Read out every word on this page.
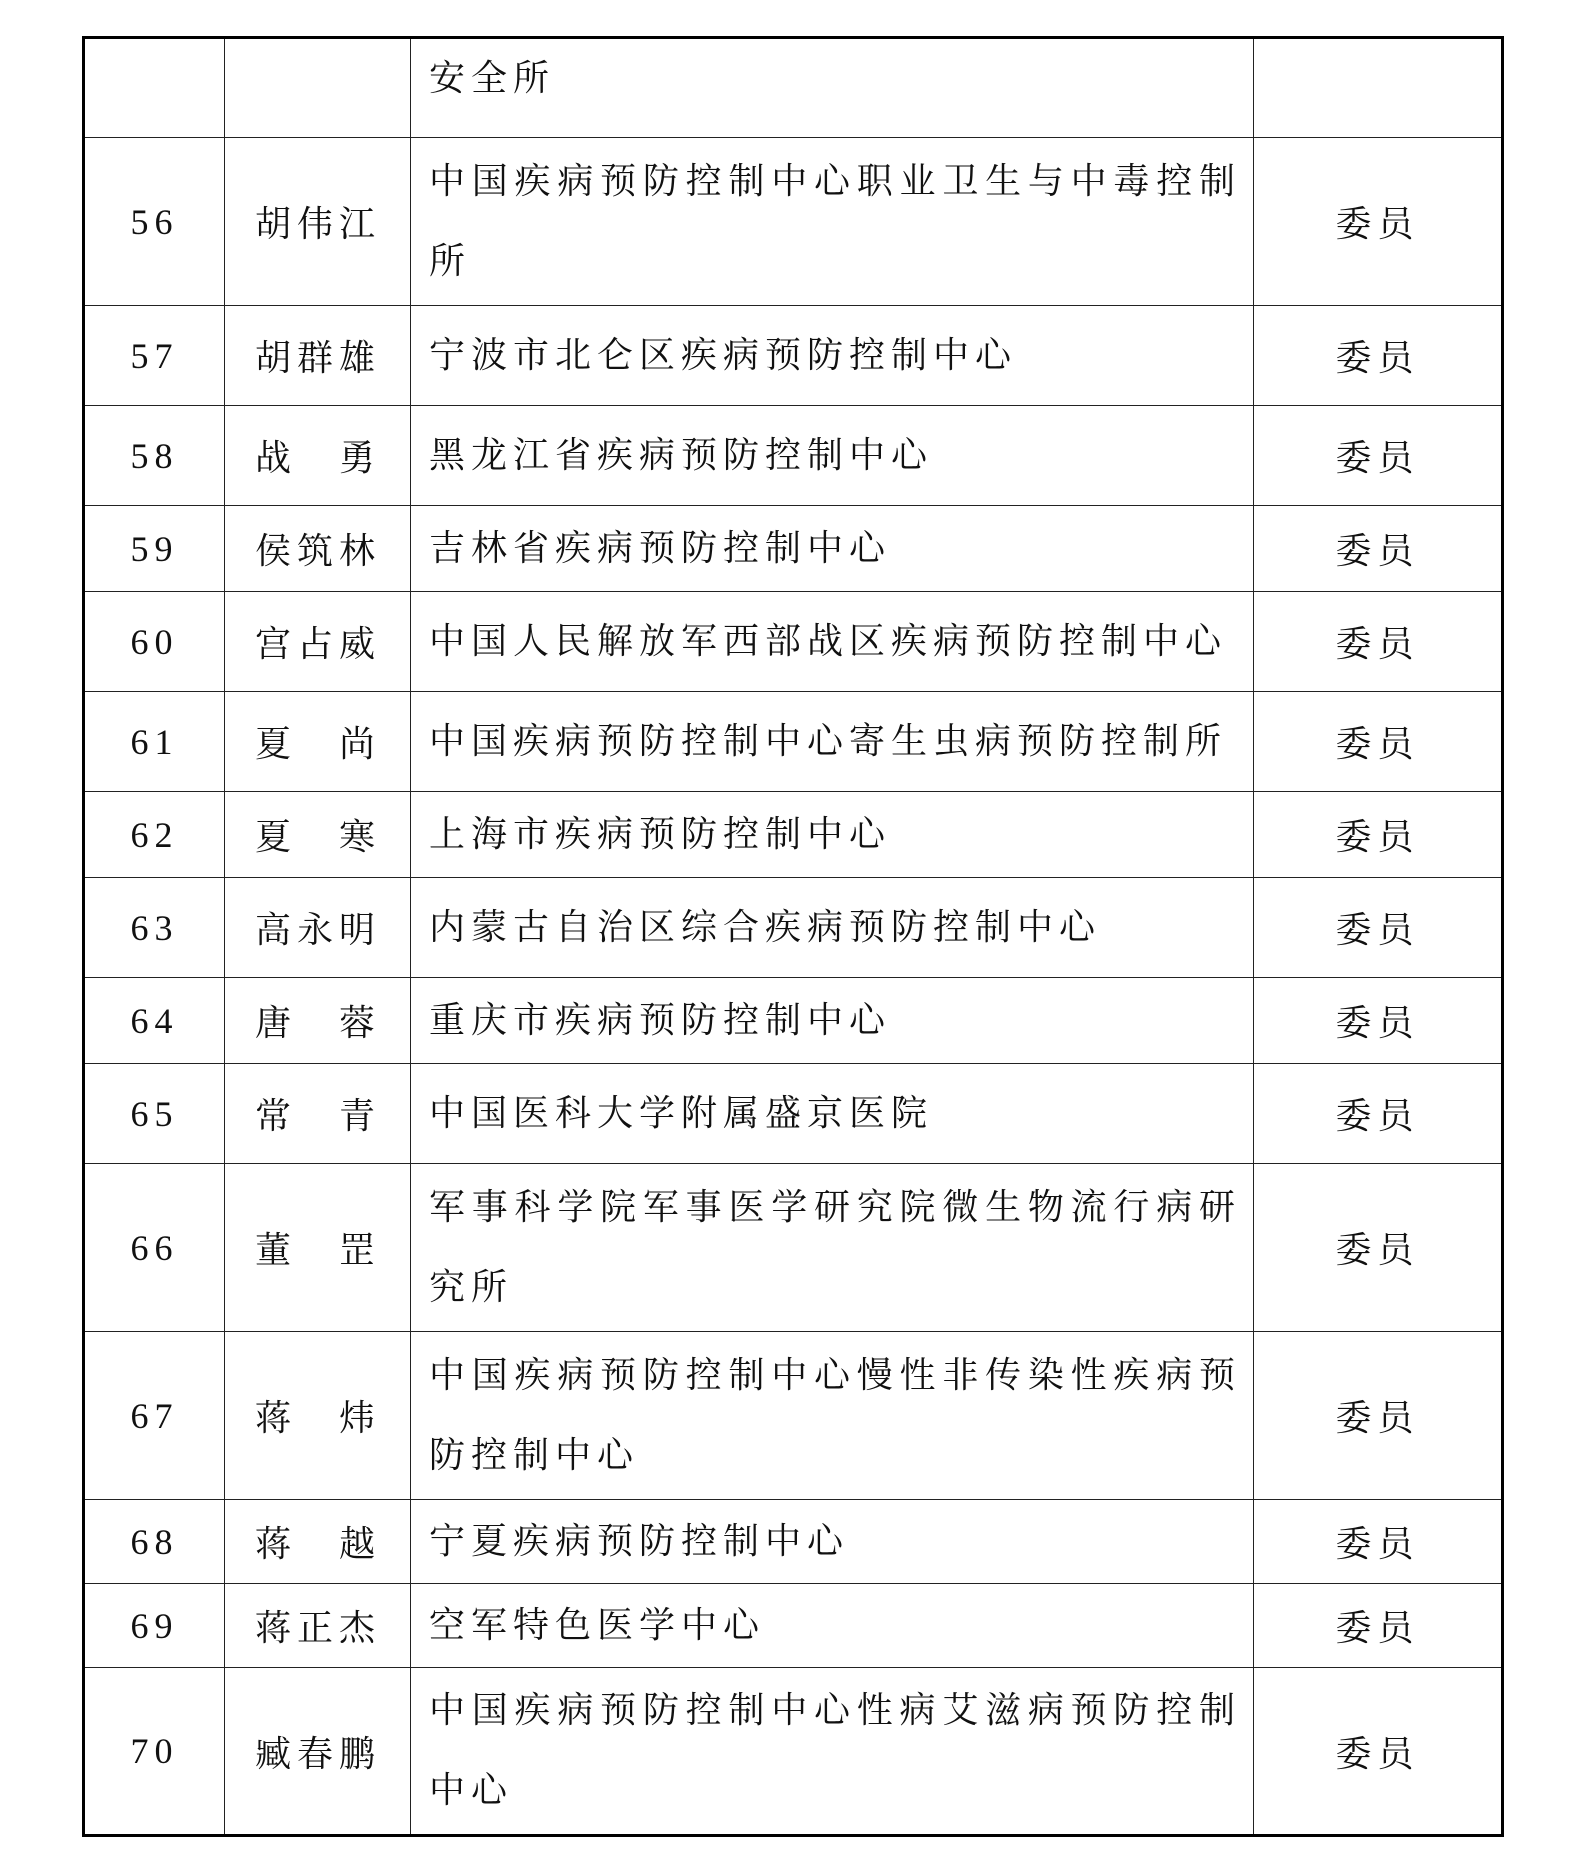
		安全所	
56	胡伟江	中国疾病预防控制中心职业卫生与中毒控制所	委员
57	胡群雄	宁波市北仑区疾病预防控制中心	委员
58	战 勇	黑龙江省疾病预防控制中心	委员
59	侯筑林	吉林省疾病预防控制中心	委员
60	宫占威	中国人民解放军西部战区疾病预防控制中心	委员
61	夏 尚	中国疾病预防控制中心寄生虫病预防控制所	委员
62	夏 寒	上海市疾病预防控制中心	委员
63	高永明	内蒙古自治区综合疾病预防控制中心	委员
64	唐 蓉	重庆市疾病预防控制中心	委员
65	常 青	中国医科大学附属盛京医院	委员
66	董 罡	军事科学院军事医学研究院微生物流行病研究所	委员
67	蒋 炜	中国疾病预防控制中心慢性非传染性疾病预防控制中心	委员
68	蒋 越	宁夏疾病预防控制中心	委员
69	蒋正杰	空军特色医学中心	委员
70	臧春鹏	中国疾病预防控制中心性病艾滋病预防控制中心	委员
